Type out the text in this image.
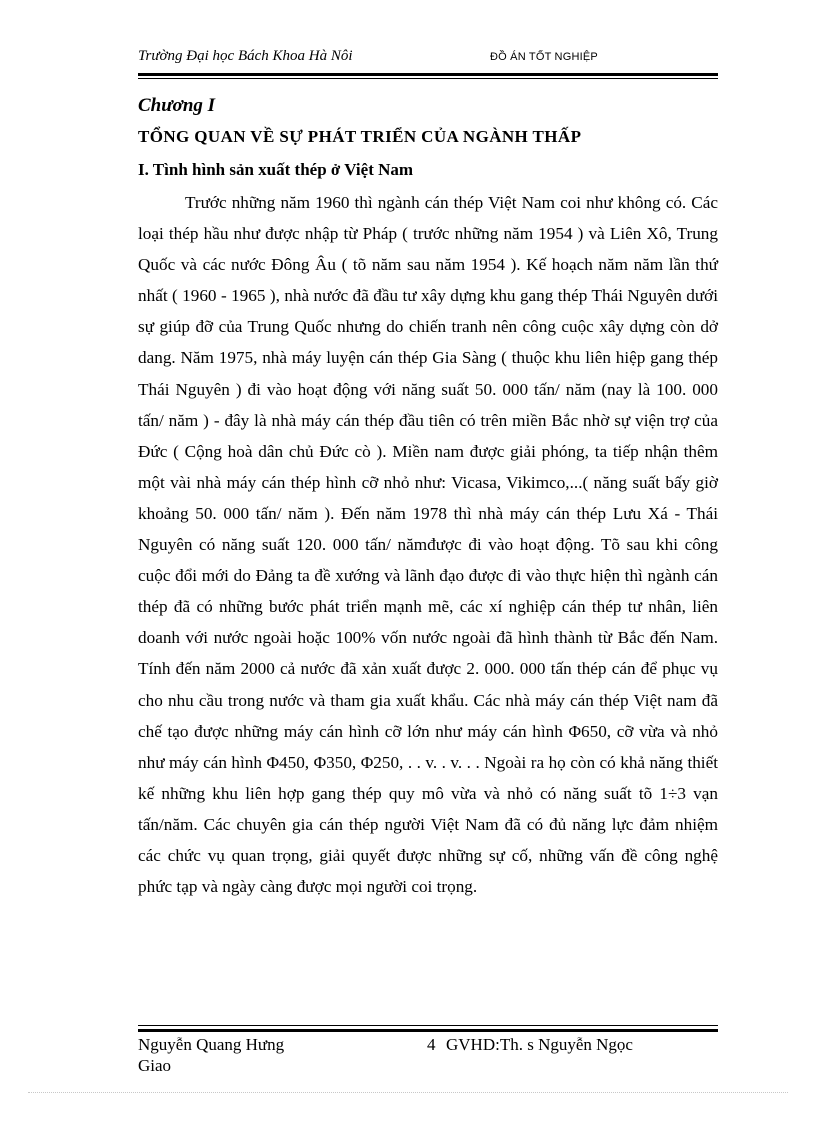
Trường Đại học Bách Khoa Hà Nôi	ĐỒ ÁN TỐT NGHIỆP
Chương I
TỔNG QUAN VỀ SỰ PHÁT TRIỂN CỦA NGÀNH THẤP
I. Tình hình sản xuất thép ở Việt Nam

Trước những năm 1960 thì ngành cán thép Việt Nam coi như không có. Các loại thép hầu như được nhập từ Pháp ( trước những năm 1954 ) và Liên Xô, Trung Quốc và các nước Đông Âu ( tõ năm sau năm 1954 ). Kế hoạch năm năm lần thứ nhất ( 1960 - 1965 ), nhà nước đã đầu tư xây dựng khu gang thép Thái Nguyên dưới sự giúp đỡ của Trung Quốc nhưng do chiến tranh nên công cuộc xây dựng còn dở dang. Năm 1975, nhà máy luyện cán thép Gia Sàng ( thuộc khu liên hiệp gang thép Thái Nguyên ) đi vào hoạt động với năng suất 50. 000 tấn/ năm (nay là 100. 000 tấn/ năm ) - đây là nhà máy cán thép đầu tiên có trên miền Bắc nhờ sự viện trợ của Đức ( Cộng hoà dân chủ Đức cò ). Miền nam được giải phóng, ta tiếp nhận thêm một vài nhà máy cán thép hình cỡ nhỏ như: Vicasa, Vikimco,...( năng suất bấy giờ khoảng 50. 000 tấn/ năm ). Đến năm 1978 thì nhà máy cán thép Lưu Xá - Thái Nguyên có năng suất 120. 000 tấn/ nămđược đi vào hoạt động. Tõ sau khi công cuộc đổi mới do Đảng ta đề xướng và lãnh đạo được đi vào thực hiện thì ngành cán thép đã có những bước phát triển mạnh mẽ, các xí nghiệp cán thép tư nhân, liên doanh với nước ngoài hoặc 100% vốn nước ngoài đã hình thành từ Bắc đến Nam. Tính đến năm 2000 cả nước đã xản xuất được 2. 000. 000 tấn thép cán để phục vụ cho nhu cầu trong nước và tham gia xuất khẩu. Các nhà máy cán thép Việt nam đã chế tạo được những máy cán hình cỡ lớn như máy cán hình Φ650, cỡ vừa và nhỏ như máy cán hình Φ450, Φ350, Φ250, . . v. . v. . . Ngoài ra họ còn có khả năng thiết kế những khu liên hợp gang thép quy mô vừa và nhỏ có năng suất tõ 1÷3 vạn tấn/năm. Các chuyên gia cán thép người Việt Nam đã có đủ năng lực đảm nhiệm các chức vụ quan trọng, giải quyết được những sự cố, những vấn đề công nghệ phức tạp và ngày càng được mọi người coi trọng.

Nguyễn Quang Hưng	4 GVHD:Th. s Nguyễn Ngọc
Giao
